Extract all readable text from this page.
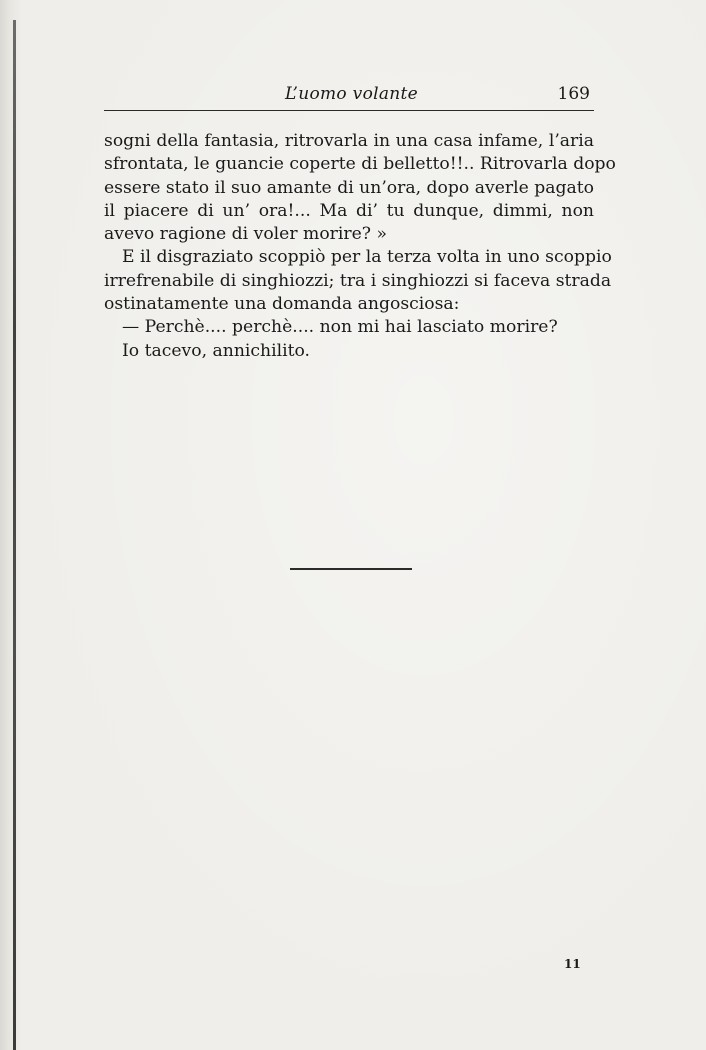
L’uomo volante	169
sogni della fantasia, ritrovarla in una casa infame, l’aria
sfrontata, le guancie coperte di belletto!!.. Ritrovarla dopo
essere stato il suo amante di un’ora, dopo averle pagato
il piacere di un’ ora!... Ma di’ tu dunque, dimmi, non
avevo ragione di voler morire? »
E il disgraziato scoppiò per la terza volta in uno scoppio
irrefrenabile di singhiozzi; tra i singhiozzi si faceva strada
ostinatamente una domanda angosciosa:
— Perchè.... perchè.... non mi hai lasciato morire?
Io tacevo, annichilito.
11
